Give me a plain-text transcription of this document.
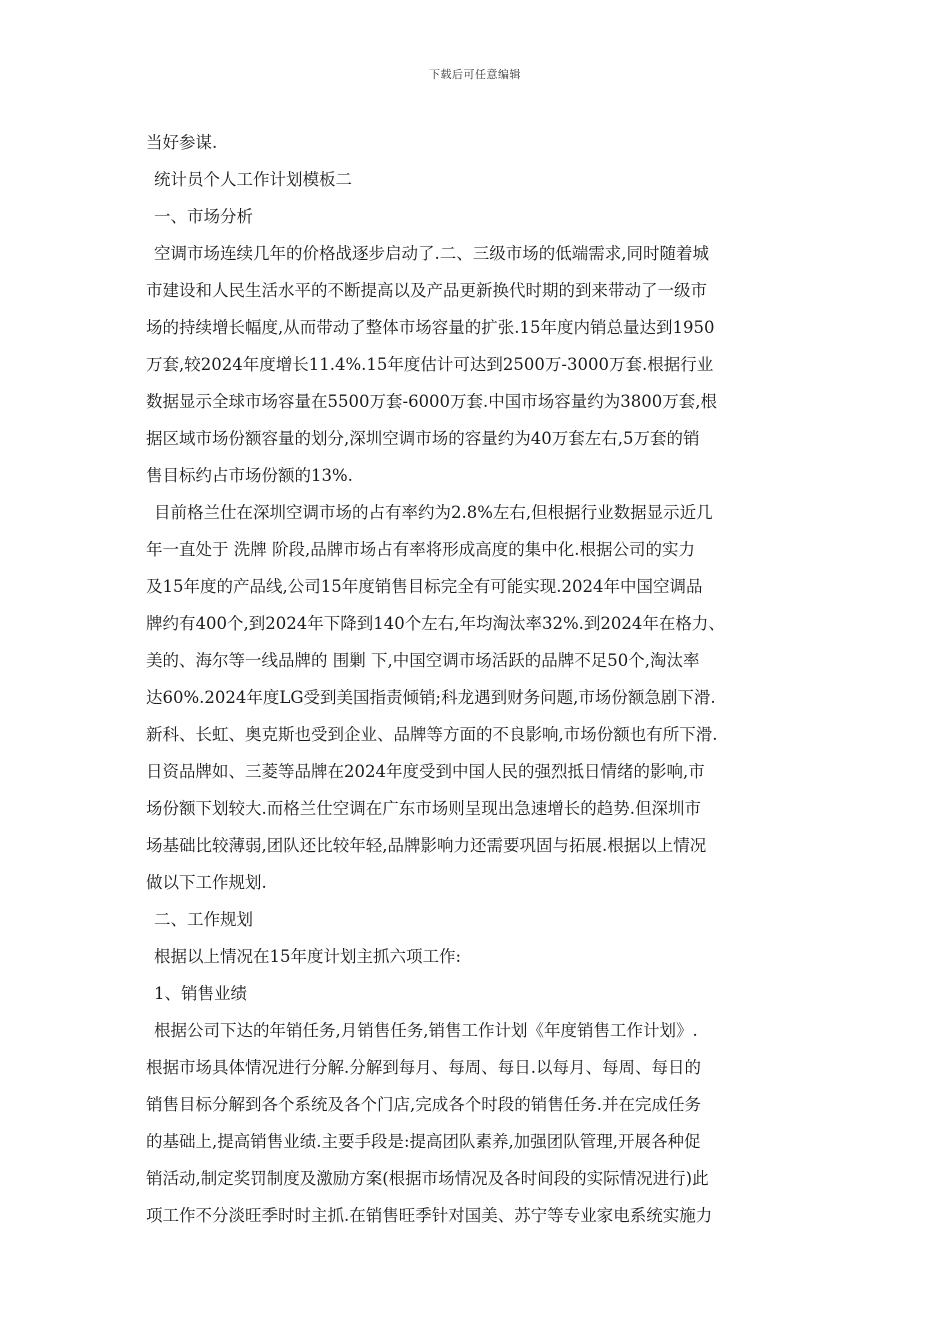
下载后可任意编辑
当好参谋.
统计员个人工作计划模板二
一、市场分析
空调市场连续几年的价格战逐步启动了.二、三级市场的低端需求,同时随着城
市建设和人民生活水平的不断提高以及产品更新换代时期的到来带动了一级市
场的持续增长幅度,从而带动了整体市场容量的扩张.15年度内销总量达到1950
万套,较2024年度增长11.4%.15年度估计可达到2500万-3000万套.根据行业
数据显示全球市场容量在5500万套-6000万套.中国市场容量约为3800万套,根
据区域市场份额容量的划分,深圳空调市场的容量约为40万套左右,5万套的销
售目标约占市场份额的13%.
目前格兰仕在深圳空调市场的占有率约为2.8%左右,但根据行业数据显示近几
年一直处于 洗牌 阶段,品牌市场占有率将形成高度的集中化.根据公司的实力
及15年度的产品线,公司15年度销售目标完全有可能实现.2024年中国空调品
牌约有400个,到2024年下降到140个左右,年均淘汰率32%.到2024年在格力、
美的、海尔等一线品牌的 围剿 下,中国空调市场活跃的品牌不足50个,淘汰率
达60%.2024年度LG受到美国指责倾销;科龙遇到财务问题,市场份额急剧下滑.
新科、长虹、奥克斯也受到企业、品牌等方面的不良影响,市场份额也有所下滑.
日资品牌如、三菱等品牌在2024年度受到中国人民的强烈抵日情绪的影响,市
场份额下划较大.而格兰仕空调在广东市场则呈现出急速增长的趋势.但深圳市
场基础比较薄弱,团队还比较年轻,品牌影响力还需要巩固与拓展.根据以上情况
做以下工作规划.
二、工作规划
根据以上情况在15年度计划主抓六项工作:
1、销售业绩
根据公司下达的年销任务,月销售任务,销售工作计划《年度销售工作计划》.
根据市场具体情况进行分解.分解到每月、每周、每日.以每月、每周、每日的
销售目标分解到各个系统及各个门店,完成各个时段的销售任务.并在完成任务
的基础上,提高销售业绩.主要手段是:提高团队素养,加强团队管理,开展各种促
销活动,制定奖罚制度及激励方案(根据市场情况及各时间段的实际情况进行)此
项工作不分淡旺季时时主抓.在销售旺季针对国美、苏宁等专业家电系统实施力
